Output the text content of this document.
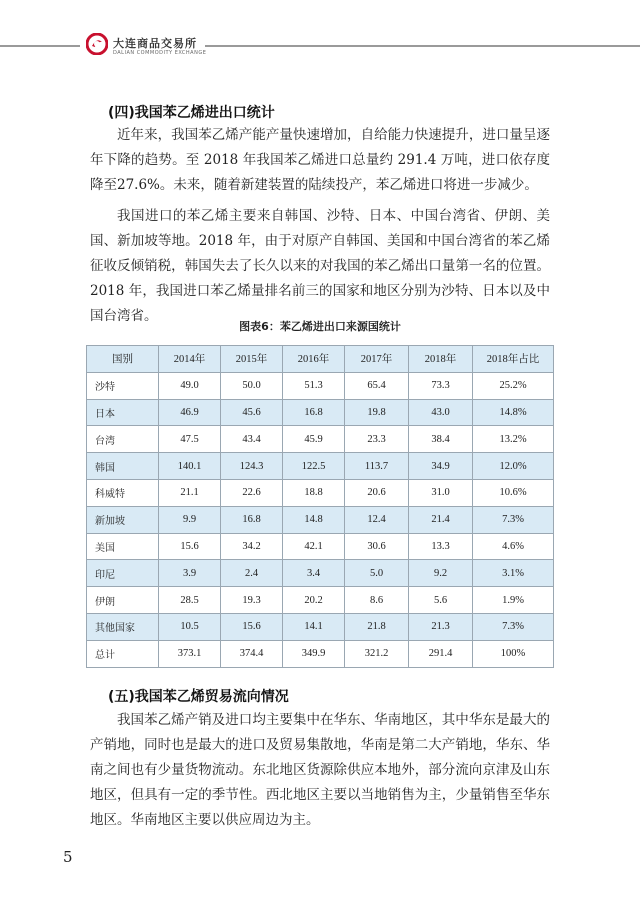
大连商品交易所
DALIAN COMMODITY EXCHANGE
(四)我国苯乙烯进出口统计

近年来，我国苯乙烯产能产量快速增加，自给能力快速提升，进口量呈逐年下降的趋势。至 2018 年我国苯乙烯进口总量约 291.4 万吨，进口依存度降至27.6%。未来，随着新建装置的陆续投产，苯乙烯进口将进一步减少。

我国进口的苯乙烯主要来自韩国、沙特、日本、中国台湾省、伊朗、美国、新加坡等地。2018 年，由于对原产自韩国、美国和中国台湾省的苯乙烯征收反倾销税，韩国失去了长久以来的对我国的苯乙烯出口量第一名的位置。2018 年，我国进口苯乙烯量排名前三的国家和地区分别为沙特、日本以及中国台湾省。

图表6：苯乙烯进出口来源国统计
国别	2014年	2015年	2016年	2017年	2018年	2018年占比
沙特	49.0	50.0	51.3	65.4	73.3	25.2%
日本	46.9	45.6	16.8	19.8	43.0	14.8%
台湾	47.5	43.4	45.9	23.3	38.4	13.2%
韩国	140.1	124.3	122.5	113.7	34.9	12.0%
科威特	21.1	22.6	18.8	20.6	31.0	10.6%
新加坡	9.9	16.8	14.8	12.4	21.4	7.3%
美国	15.6	34.2	42.1	30.6	13.3	4.6%
印尼	3.9	2.4	3.4	5.0	9.2	3.1%
伊朗	28.5	19.3	20.2	8.6	5.6	1.9%
其他国家	10.5	15.6	14.1	21.8	21.3	7.3%
总计	373.1	374.4	349.9	321.2	291.4	100%
(五)我国苯乙烯贸易流向情况

我国苯乙烯产销及进口均主要集中在华东、华南地区，其中华东是最大的产销地，同时也是最大的进口及贸易集散地，华南是第二大产销地，华东、华南之间也有少量货物流动。东北地区货源除供应本地外，部分流向京津及山东地区，但具有一定的季节性。西北地区主要以当地销售为主，少量销售至华东地区。华南地区主要以供应周边为主。

5
